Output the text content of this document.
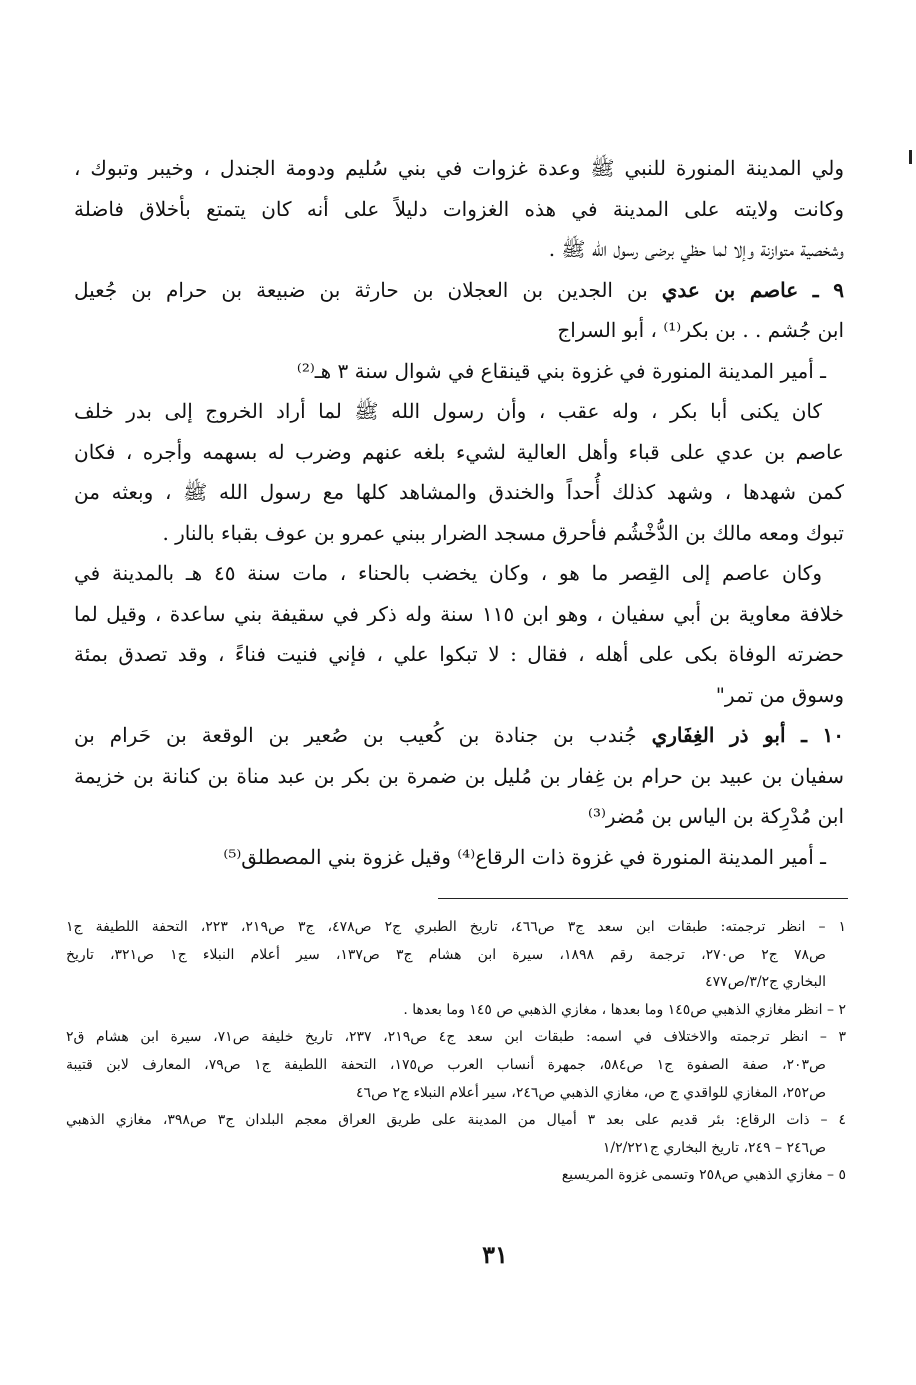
ولي المدينة المنورة للنبي ﷺ وعدة غزوات في بني سُليم ودومة الجندل ، وخيبر وتبوك ،
وكانت ولايته على المدينة في هذه الغزوات دليلاً على أنه كان يتمتع بأخلاق فاضلة
وشخصية متوازنة وإلا لما حظي برضى رسول الله ﷺ .
٩ ـ عاصم بن عدي بن الجدين بن العجلان بن حارثة بن ضبيعة بن حرام بن جُعيل
ابن جُشم . . بن بكر⁽¹⁾ ، أبو السراج
ـ أمير المدينة المنورة في غزوة بني قينقاع في شوال سنة ٣ هـ⁽²⁾
كان يكنى أبا بكر ، وله عقب ، وأن رسول الله ﷺ لما أراد الخروج إلى بدر خلف
عاصم بن عدي على قباء وأهل العالية لشيء بلغه عنهم وضرب له بسهمه وأجره ، فكان
كمن شهدها ، وشهد كذلك أُحداً والخندق والمشاهد كلها مع رسول الله ﷺ ، وبعثه من
تبوك ومعه مالك بن الدُّخْشُم فأحرق مسجد الضرار ببني عمرو بن عوف بقباء بالنار .
وكان عاصم إلى القِصر ما هو ، وكان يخضب بالحناء ، مات سنة ٤٥ هـ بالمدينة في
خلافة معاوية بن أبي سفيان ، وهو ابن ١١٥ سنة وله ذكر في سقيفة بني ساعدة ، وقيل لما
حضرته الوفاة بكى على أهله ، فقال : لا تبكوا علي ، فإني فنيت فناءً ، وقد تصدق بمئة
وسوق من تمر"
١٠ ـ أبو ذر الغِفَاري جُندب بن جنادة بن كُعيب بن صُعير بن الوقعة بن حَرام بن
سفيان بن عبيد بن حرام بن غِفار بن مُليل بن ضمرة بن بكر بن عبد مناة بن كنانة بن خزيمة
ابن مُدْرِكة بن الياس بن مُضر⁽³⁾
ـ أمير المدينة المنورة في غزوة ذات الرقاع⁽⁴⁾ وقيل غزوة بني المصطلق⁽⁵⁾
١ – انظر ترجمته: طبقات ابن سعد ج٣ ص٤٦٦، تاريخ الطبري ج٢ ص٤٧٨، ج٣ ص٢١٩، ٢٢٣، التحفة اللطيفة ج١
ص٧٨ ج٢ ص٢٧٠، ترجمة رقم ١٨٩٨، سيرة ابن هشام ج٣ ص١٣٧، سير أعلام النبلاء ج١ ص٣٢١، تاريخ
البخاري ج٣/٢/ص٤٧٧
٢ – انظر مغازي الذهبي ص١٤٥ وما بعدها ، مغازي الذهبي ص ١٤٥ وما بعدها .
٣ – انظر ترجمته والاختلاف في اسمه: طبقات ابن سعد ج٤ ص٢١٩، ٢٣٧، تاريخ خليفة ص٧١، سيرة ابن هشام ق٢
ص٢٠٣، صفة الصفوة ج١ ص٥٨٤، جمهرة أنساب العرب ص١٧٥، التحفة اللطيفة ج١ ص٧٩، المعارف لابن قتيبة
ص٢٥٢، المغازي للواقدي ج ص، مغازي الذهبي ص٢٤٦، سير أعلام النبلاء ج٢ ص٤٦
٤ – ذات الرقاع: بئر قديم على بعد ٣ أميال من المدينة على طريق العراق معجم البلدان ج٣ ص٣٩٨، مغازي الذهبي
ص٢٤٦ – ٢٤٩، تاريخ البخاري ج١/٢/٢٢١
٥ – مغازي الذهبي ص٢٥٨ وتسمى غزوة المريسيع
٣١
